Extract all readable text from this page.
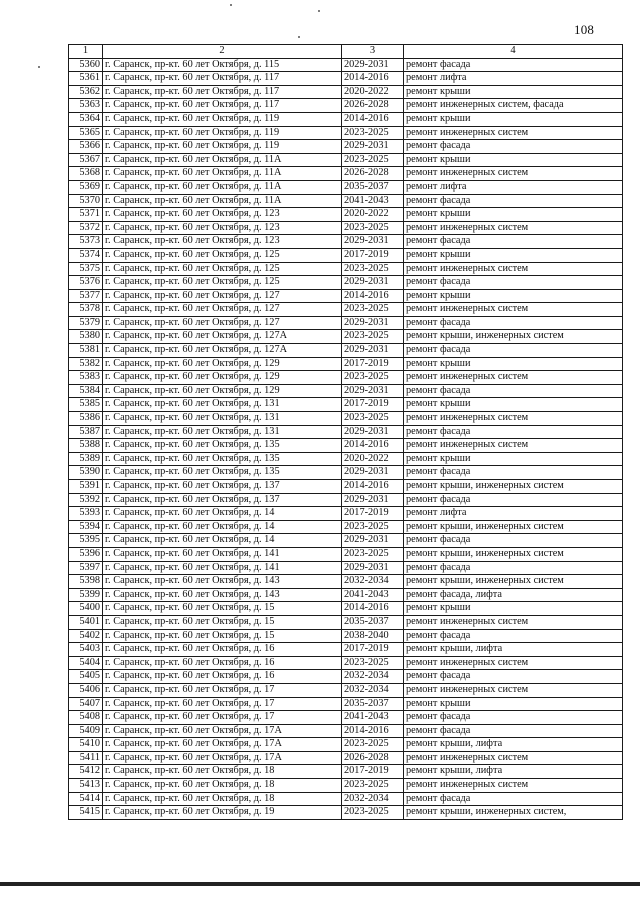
108
1	2	3	4
5360	г. Саранск, пр-кт. 60 лет Октября, д. 115	2029-2031	ремонт фасада
5361	г. Саранск, пр-кт. 60 лет Октября, д. 117	2014-2016	ремонт лифта
5362	г. Саранск, пр-кт. 60 лет Октября, д. 117	2020-2022	ремонт крыши
5363	г. Саранск, пр-кт. 60 лет Октября, д. 117	2026-2028	ремонт инженерных систем, фасада
5364	г. Саранск, пр-кт. 60 лет Октября, д. 119	2014-2016	ремонт крыши
5365	г. Саранск, пр-кт. 60 лет Октября, д. 119	2023-2025	ремонт инженерных систем
5366	г. Саранск, пр-кт. 60 лет Октября, д. 119	2029-2031	ремонт фасада
5367	г. Саранск, пр-кт. 60 лет Октября, д. 11А	2023-2025	ремонт крыши
5368	г. Саранск, пр-кт. 60 лет Октября, д. 11А	2026-2028	ремонт инженерных систем
5369	г. Саранск, пр-кт. 60 лет Октября, д. 11А	2035-2037	ремонт лифта
5370	г. Саранск, пр-кт. 60 лет Октября, д. 11А	2041-2043	ремонт фасада
5371	г. Саранск, пр-кт. 60 лет Октября, д. 123	2020-2022	ремонт крыши
5372	г. Саранск, пр-кт. 60 лет Октября, д. 123	2023-2025	ремонт инженерных систем
5373	г. Саранск, пр-кт. 60 лет Октября, д. 123	2029-2031	ремонт фасада
5374	г. Саранск, пр-кт. 60 лет Октября, д. 125	2017-2019	ремонт крыши
5375	г. Саранск, пр-кт. 60 лет Октября, д. 125	2023-2025	ремонт инженерных систем
5376	г. Саранск, пр-кт. 60 лет Октября, д. 125	2029-2031	ремонт фасада
5377	г. Саранск, пр-кт. 60 лет Октября, д. 127	2014-2016	ремонт крыши
5378	г. Саранск, пр-кт. 60 лет Октября, д. 127	2023-2025	ремонт инженерных систем
5379	г. Саранск, пр-кт. 60 лет Октября, д. 127	2029-2031	ремонт фасада
5380	г. Саранск, пр-кт. 60 лет Октября, д. 127А	2023-2025	ремонт крыши, инженерных систем
5381	г. Саранск, пр-кт. 60 лет Октября, д. 127А	2029-2031	ремонт фасада
5382	г. Саранск, пр-кт. 60 лет Октября, д. 129	2017-2019	ремонт крыши
5383	г. Саранск, пр-кт. 60 лет Октября, д. 129	2023-2025	ремонт инженерных систем
5384	г. Саранск, пр-кт. 60 лет Октября, д. 129	2029-2031	ремонт фасада
5385	г. Саранск, пр-кт. 60 лет Октября, д. 131	2017-2019	ремонт крыши
5386	г. Саранск, пр-кт. 60 лет Октября, д. 131	2023-2025	ремонт инженерных систем
5387	г. Саранск, пр-кт. 60 лет Октября, д. 131	2029-2031	ремонт фасада
5388	г. Саранск, пр-кт. 60 лет Октября, д. 135	2014-2016	ремонт инженерных систем
5389	г. Саранск, пр-кт. 60 лет Октября, д. 135	2020-2022	ремонт крыши
5390	г. Саранск, пр-кт. 60 лет Октября, д. 135	2029-2031	ремонт фасада
5391	г. Саранск, пр-кт. 60 лет Октября, д. 137	2014-2016	ремонт крыши, инженерных систем
5392	г. Саранск, пр-кт. 60 лет Октября, д. 137	2029-2031	ремонт фасада
5393	г. Саранск, пр-кт. 60 лет Октября, д. 14	2017-2019	ремонт лифта
5394	г. Саранск, пр-кт. 60 лет Октября, д. 14	2023-2025	ремонт крыши, инженерных систем
5395	г. Саранск, пр-кт. 60 лет Октября, д. 14	2029-2031	ремонт фасада
5396	г. Саранск, пр-кт. 60 лет Октября, д. 141	2023-2025	ремонт крыши, инженерных систем
5397	г. Саранск, пр-кт. 60 лет Октября, д. 141	2029-2031	ремонт фасада
5398	г. Саранск, пр-кт. 60 лет Октября, д. 143	2032-2034	ремонт крыши, инженерных систем
5399	г. Саранск, пр-кт. 60 лет Октября, д. 143	2041-2043	ремонт фасада, лифта
5400	г. Саранск, пр-кт. 60 лет Октября, д. 15	2014-2016	ремонт крыши
5401	г. Саранск, пр-кт. 60 лет Октября, д. 15	2035-2037	ремонт инженерных систем
5402	г. Саранск, пр-кт. 60 лет Октября, д. 15	2038-2040	ремонт фасада
5403	г. Саранск, пр-кт. 60 лет Октября, д. 16	2017-2019	ремонт крыши, лифта
5404	г. Саранск, пр-кт. 60 лет Октября, д. 16	2023-2025	ремонт инженерных систем
5405	г. Саранск, пр-кт. 60 лет Октября, д. 16	2032-2034	ремонт фасада
5406	г. Саранск, пр-кт. 60 лет Октября, д. 17	2032-2034	ремонт инженерных систем
5407	г. Саранск, пр-кт. 60 лет Октября, д. 17	2035-2037	ремонт крыши
5408	г. Саранск, пр-кт. 60 лет Октября, д. 17	2041-2043	ремонт фасада
5409	г. Саранск, пр-кт. 60 лет Октября, д. 17А	2014-2016	ремонт фасада
5410	г. Саранск, пр-кт. 60 лет Октября, д. 17А	2023-2025	ремонт крыши, лифта
5411	г. Саранск, пр-кт. 60 лет Октября, д. 17А	2026-2028	ремонт инженерных систем
5412	г. Саранск, пр-кт. 60 лет Октября, д. 18	2017-2019	ремонт крыши, лифта
5413	г. Саранск, пр-кт. 60 лет Октября, д. 18	2023-2025	ремонт инженерных систем
5414	г. Саранск, пр-кт. 60 лет Октября, д. 18	2032-2034	ремонт фасада
5415	г. Саранск, пр-кт. 60 лет Октября, д. 19	2023-2025	ремонт крыши, инженерных систем,
